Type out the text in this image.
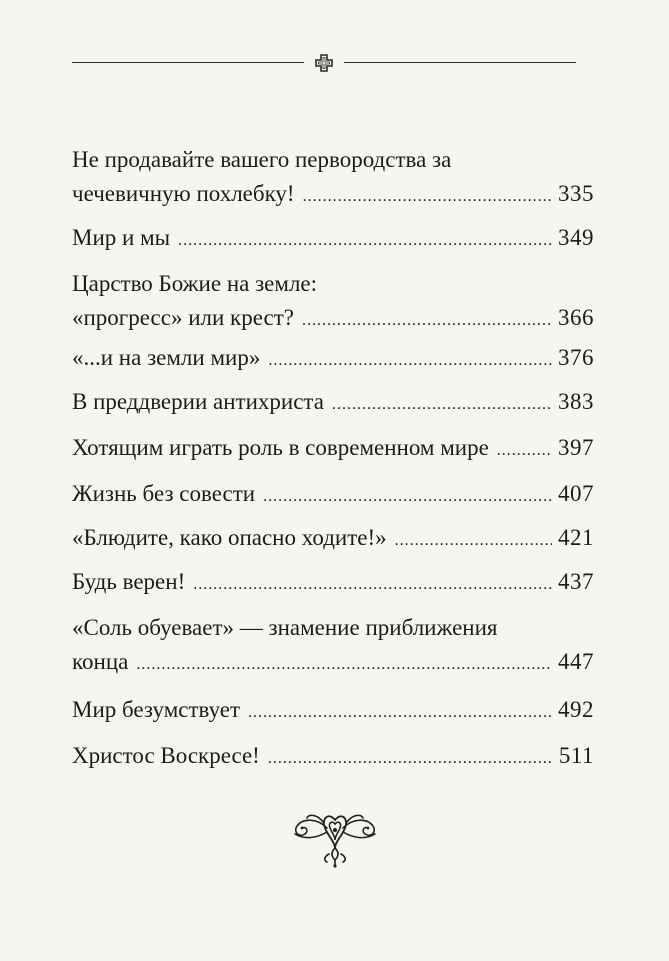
Не продавайте вашего первородства за
чечевичную похлебку! .....	335
Мир и мы .....	349
Царство Божие на земле:
«прогресс» или крест? .....	366
«...и на земли мир» .....	376
В преддверии антихриста .....	383
Хотящим играть роль в современном мире .....	397
Жизнь без совести .....	407
«Блюдите, како опасно ходите!» .....	421
Будь верен! .....	437
«Соль обуевает» — знамение приближения
конца .....	447
Мир безумствует .....	492
Христос Воскресе! .....	511
